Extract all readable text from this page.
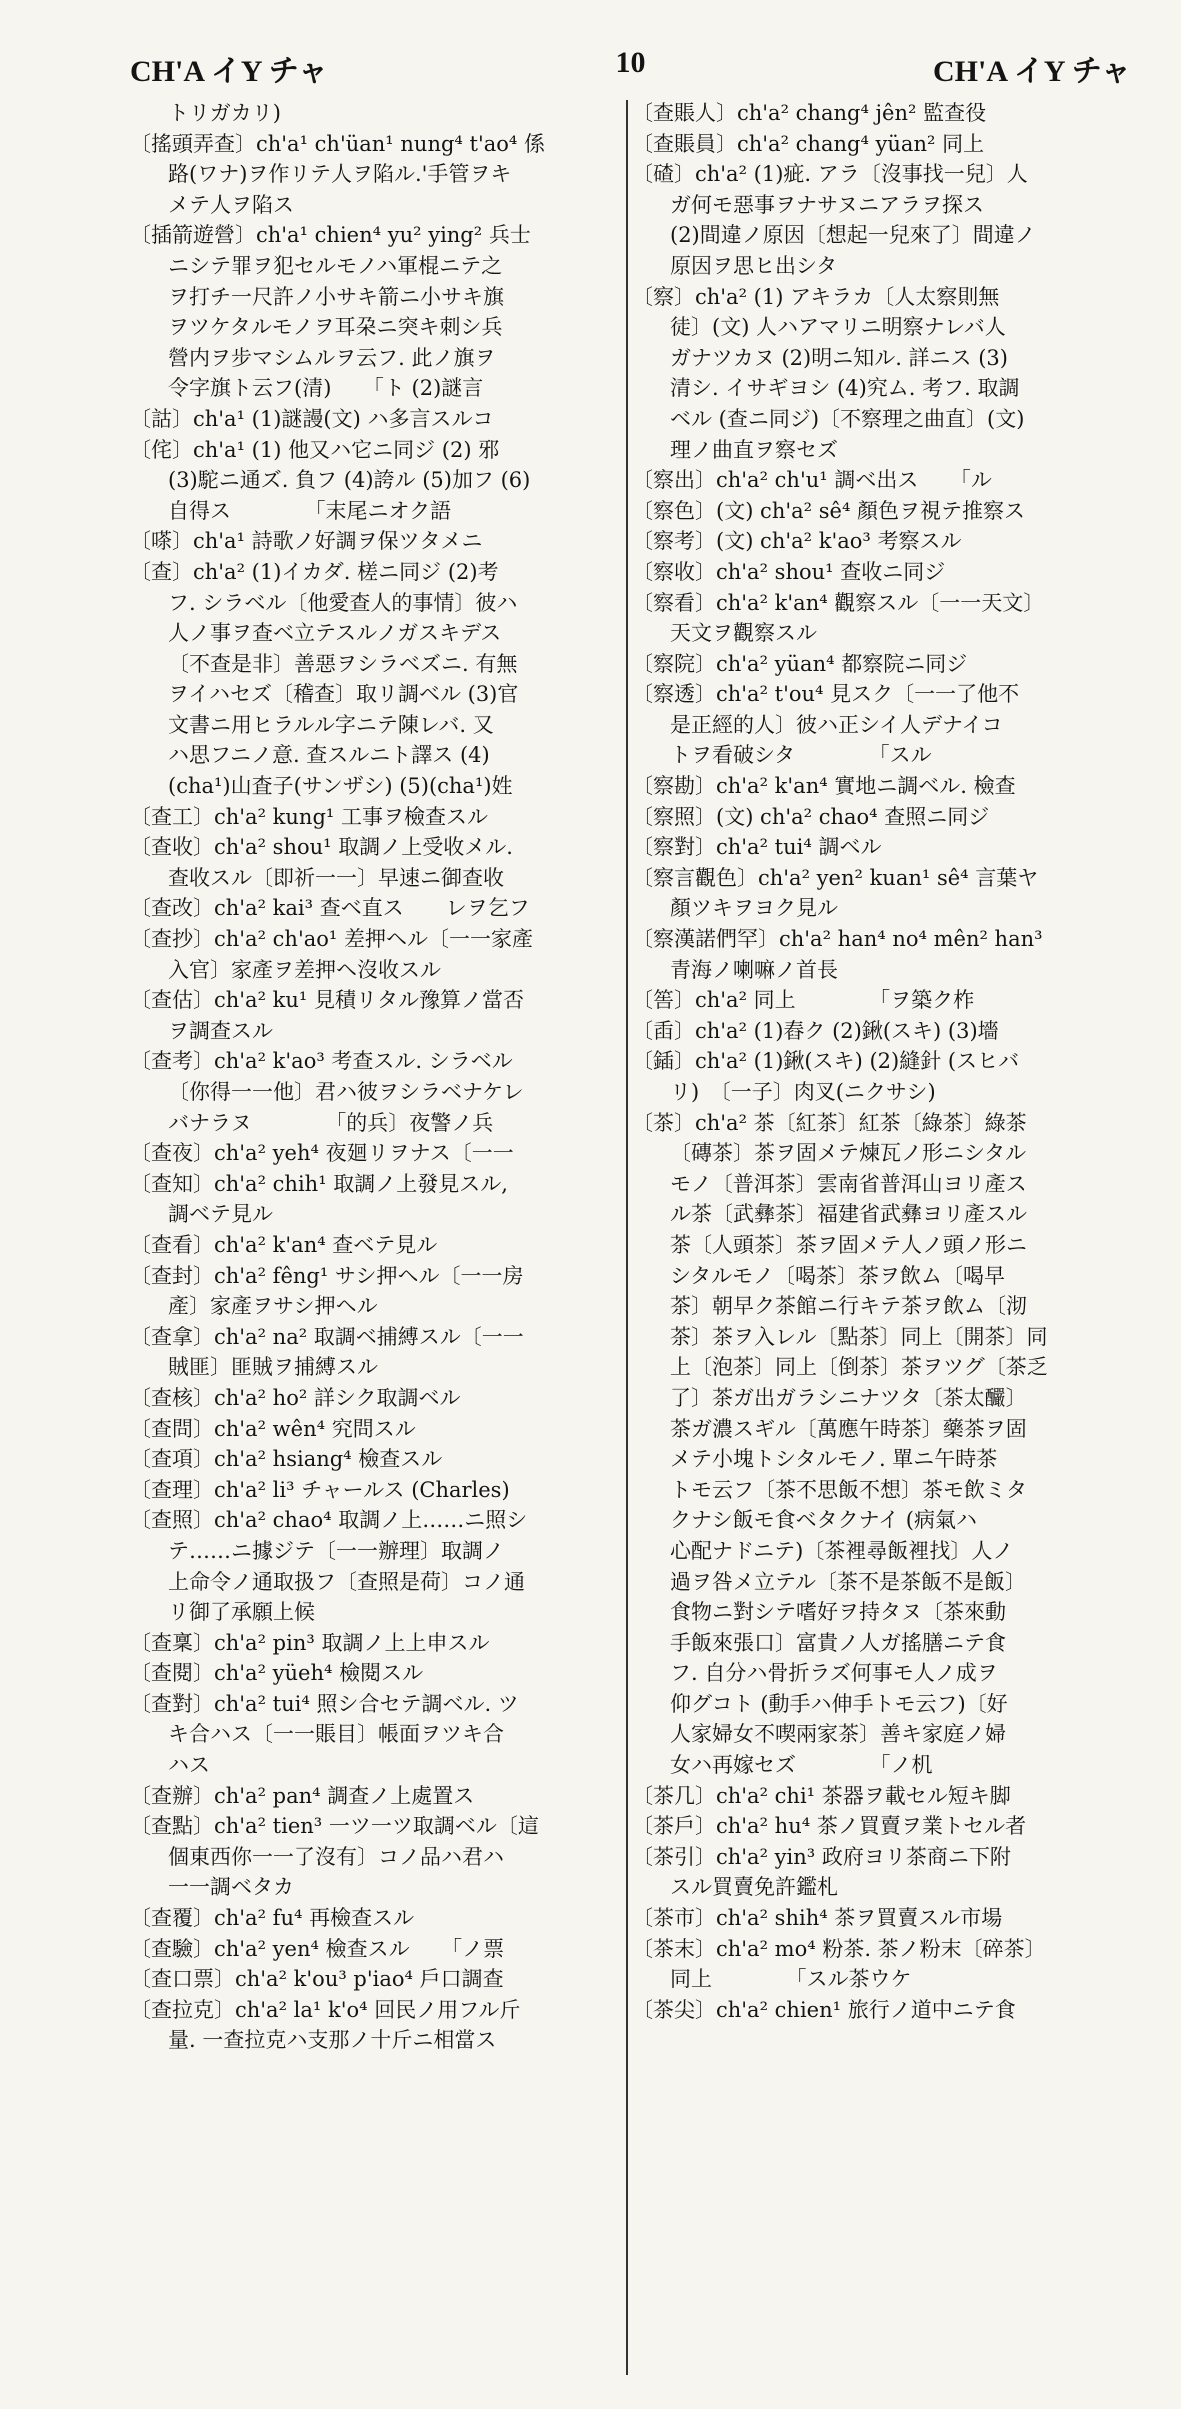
CH'A イY チャ	10	CH'A イY チャ
トリガカリ)
〔搖頭弄查〕ch'a¹ ch'üan¹ nung⁴ t'ao⁴ 係
路(ワナ)ヲ作リテ人ヲ陷ル.'手管ヲキ
メテ人ヲ陷ス
〔插箭遊營〕ch'a¹ chien⁴ yu² ying² 兵士
ニシテ罪ヲ犯セルモノハ軍棍ニテ之
ヲ打チ一尺許ノ小サキ箭ニ小サキ旗
ヲツケタルモノヲ耳朶ニ突キ刺シ兵
營内ヲ步マシムルヲ云フ. 此ノ旗ヲ
令字旗ト云フ(清)　　「ト (2)謎言
〔詁〕ch'a¹ (1)謎謾(文) ハ多言スルコ
〔侘〕ch'a¹ (1) 他又ハ它ニ同ジ (2) 邪
(3)駝ニ通ズ. 負フ (4)誇ル (5)加フ (6)
自得ス　　　　「末尾ニオク語
〔嗏〕ch'a¹ 詩歌ノ好調ヲ保ツタメニ
〔查〕ch'a² (1)イカダ. 槎ニ同ジ (2)考
フ. シラベル〔他愛查人的事情〕彼ハ
人ノ事ヲ查ベ立テスルノガスキデス
〔不查是非〕善惡ヲシラベズニ. 有無
ヲイハセズ〔稽查〕取リ調ベル (3)官
文書ニ用ヒラルル字ニテ陳レバ. 又
ハ思フニノ意. 查スルニト譯ス (4)
(cha¹)山査子(サンザシ) (5)(cha¹)姓
〔查工〕ch'a² kung¹ 工事ヲ檢查スル
〔查收〕ch'a² shou¹ 取調ノ上受收メル.
查收スル〔即祈一一〕早速ニ御查收
〔查改〕ch'a² kai³ 查ベ直ス　　レヲ乞フ
〔查抄〕ch'a² ch'ao¹ 差押ヘル〔一一家產
入官〕家產ヲ差押ヘ沒收スル
〔查估〕ch'a² ku¹ 見積リタル豫算ノ當否
ヲ調查スル
〔查考〕ch'a² k'ao³ 考查スル. シラベル
〔你得一一他〕君ハ彼ヲシラベナケレ
バナラヌ　　　　「的兵〕夜警ノ兵
〔查夜〕ch'a² yeh⁴ 夜廻リヲナス〔一一
〔查知〕ch'a² chih¹ 取調ノ上發見スル,
調ベテ見ル
〔查看〕ch'a² k'an⁴ 查ベテ見ル
〔查封〕ch'a² fêng¹ サシ押ヘル〔一一房
產〕家產ヲサシ押ヘル
〔查拿〕ch'a² na² 取調ベ捕縛スル〔一一
賊匪〕匪賊ヲ捕縛スル
〔查核〕ch'a² ho² 詳シク取調ベル
〔查問〕ch'a² wên⁴ 究問スル
〔查項〕ch'a² hsiang⁴ 檢查スル
〔查理〕ch'a² li³ チャールス (Charles)
〔查照〕ch'a² chao⁴ 取調ノ上……ニ照シ
テ……ニ據ジテ〔一一辦理〕取調ノ
上命令ノ通取扱フ〔查照是荷〕コノ通
リ御了承願上候
〔查稟〕ch'a² pin³ 取調ノ上上申スル
〔查閱〕ch'a² yüeh⁴ 檢閱スル
〔查對〕ch'a² tui⁴ 照シ合セテ調ベル. ツ
キ合ハス〔一一賬目〕帳面ヲツキ合
ハス
〔查辦〕ch'a² pan⁴ 調查ノ上處置ス
〔查點〕ch'a² tien³ 一ツ一ツ取調ベル〔這
個東西你一一了沒有〕コノ品ハ君ハ
一一調ベタカ
〔查覆〕ch'a² fu⁴ 再檢查スル
〔查驗〕ch'a² yen⁴ 檢查スル　　「ノ票
〔查口票〕ch'a² k'ou³ p'iao⁴ 戶口調查
〔查拉克〕ch'a² la¹ k'o⁴ 回民ノ用フル斤
量. 一查拉克ハ支那ノ十斤ニ相當ス
〔查賬人〕ch'a² chang⁴ jên² 監查役
〔查賬員〕ch'a² chang⁴ yüan² 同上
〔碴〕ch'a² (1)疵. アラ〔沒事找一兒〕人
ガ何モ惡事ヲナサヌニアラヲ探ス
(2)間違ノ原因〔想起一兒來了〕間違ノ
原因ヲ思ヒ出シタ
〔察〕ch'a² (1) アキラカ〔人太察則無
徒〕(文) 人ハアマリニ明察ナレバ人
ガナツカヌ (2)明ニ知ル. 詳ニス (3)
清シ. イサギヨシ (4)究ム. 考フ. 取調
ベル (查ニ同ジ)〔不察理之曲直〕(文)
理ノ曲直ヲ察セズ
〔察出〕ch'a² ch'u¹ 調ベ出ス　　「ル
〔察色〕(文) ch'a² sê⁴ 顏色ヲ視テ推察ス
〔察考〕(文) ch'a² k'ao³ 考察スル
〔察收〕ch'a² shou¹ 查收ニ同ジ
〔察看〕ch'a² k'an⁴ 觀察スル〔一一天文〕
天文ヲ觀察スル
〔察院〕ch'a² yüan⁴ 都察院ニ同ジ
〔察透〕ch'a² t'ou⁴ 見スク〔一一了他不
是正經的人〕彼ハ正シイ人デナイコ
トヲ看破シタ　　　　「スル
〔察勘〕ch'a² k'an⁴ 實地ニ調ベル. 檢查
〔察照〕(文) ch'a² chao⁴ 查照ニ同ジ
〔察對〕ch'a² tui⁴ 調ベル
〔察言觀色〕ch'a² yen² kuan¹ sê⁴ 言葉ヤ
顏ツキヲヨク見ル
〔察漢諾們罕〕ch'a² han⁴ no⁴ mên² han³
青海ノ喇嘛ノ首長
〔筶〕ch'a² 同上　　　　「ヲ築ク柞
〔臿〕ch'a² (1)舂ク (2)鍬(スキ) (3)墻
〔鍤〕ch'a² (1)鍬(スキ) (2)縫針 (スヒバ
リ)　〔一子〕肉叉(ニクサシ)
〔茶〕ch'a² 茶〔紅茶〕紅茶〔綠茶〕綠茶
〔磚茶〕茶ヲ固メテ煉瓦ノ形ニシタル
モノ〔普洱茶〕雲南省普洱山ヨリ產ス
ル茶〔武彝茶〕福建省武彝ヨリ產スル
茶〔人頭茶〕茶ヲ固メテ人ノ頭ノ形ニ
シタルモノ〔喝茶〕茶ヲ飲ム〔喝早
茶〕朝早ク茶館ニ行キテ茶ヲ飲ム〔沏
茶〕茶ヲ入レル〔點茶〕同上〔開茶〕同
上〔泡茶〕同上〔倒茶〕茶ヲツグ〔茶乏
了〕茶ガ出ガラシニナツタ〔茶太釅〕
茶ガ濃スギル〔萬應午時茶〕藥茶ヲ固
メテ小塊トシタルモノ. 單ニ午時茶
トモ云フ〔茶不思飯不想〕茶モ飲ミタ
クナシ飯モ食ベタクナイ (病氣ハ
心配ナドニテ)〔茶裡尋飯裡找〕人ノ
過ヲ咎メ立テル〔茶不是茶飯不是飯〕
食物ニ對シテ嗜好ヲ持タヌ〔茶來動
手飯來張口〕富貴ノ人ガ搖膳ニテ食
フ. 自分ハ骨折ラズ何事モ人ノ成ヲ
仰グコト (動手ハ伸手トモ云フ)〔好
人家婦女不喫兩家茶〕善キ家庭ノ婦
女ハ再嫁セズ　　　　「ノ机
〔茶几〕ch'a² chi¹ 茶器ヲ載セル短キ脚
〔茶戶〕ch'a² hu⁴ 茶ノ買賣ヲ業トセル者
〔茶引〕ch'a² yin³ 政府ヨリ茶商ニ下附
スル買賣免許鑑札
〔茶市〕ch'a² shih⁴ 茶ヲ買賣スル市場
〔茶末〕ch'a² mo⁴ 粉茶. 茶ノ粉末〔碎茶〕
同上　　　　「スル茶ウケ
〔茶尖〕ch'a² chien¹ 旅行ノ道中ニテ食
